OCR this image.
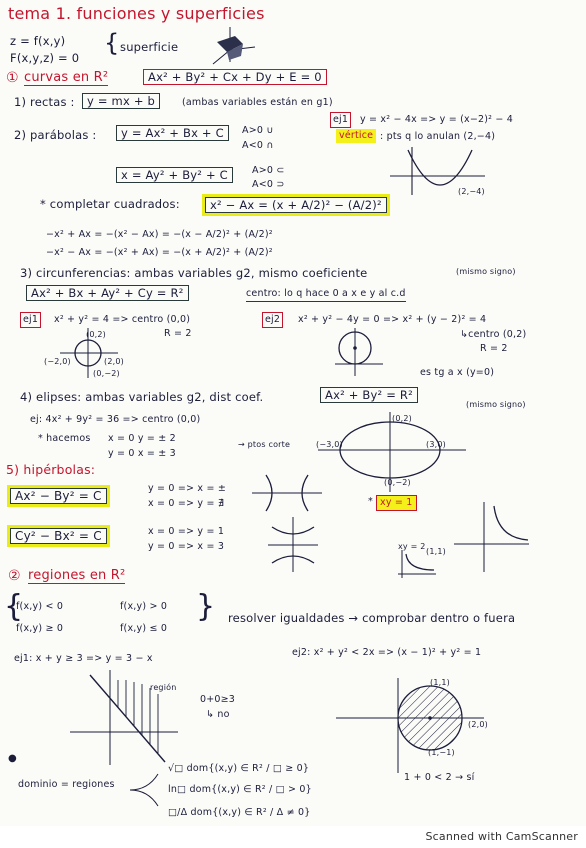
tema 1. funciones y superficies
z = f(x,y)
F(x,y,z) = 0
{ superficie
① curvas en R²	Ax² + By² + Cx + Dy + E = 0
1) rectas :	y = mx + b	(ambas variables están en g1)
ej1	y = x² − 4x => y = (x−2)² − 4
vértice : pts q lo anulan (2,−4)
2) parábolas :	y = Ax² + Bx + C	A>0 ∪
A<0 ∩
x = Ay² + By² + C	A>0 ⊂
A<0 ⊃
(2,−4)
* completar cuadrados:	x² − Ax = (x + A/2)² − (A/2)²
−x² + Ax = −(x² − Ax) = −(x − A/2)² + (A/2)²
−x² − Ax = −(x² + Ax) = −(x + A/2)² + (A/2)²
3) circunferencias: ambas variables g2, mismo coeficiente	(mismo signo)
Ax² + Bx + Ay² + Cy = R²	centro: lo q hace 0 a x e y al c.d
ej1	x² + y² = 4 => centro (0,0)
R = 2
ej2	x² + y² − 4y = 0 => x² + (y − 2)² = 4
↳centro (0,2)
R = 2
es tg a x (y=0)
(0,2)
(−2,0)	(2,0)
(0,−2)
4) elipses: ambas variables g2, dist coef.	Ax² + By² = R²
(mismo signo)
ej: 4x² + 9y² = 36 => centro (0,0)
* hacemos x = 0 y = ± 2
y = 0 x = ± 3
→ ptos corte
(0,2)
(−3,0)	(3,0)
(0,−2)
5) hipérbolas:
Ax² − By² = C
y = 0 => x = ±
x = 0 => y = ∄	* xy = 1
Cy² − Bx² = C	x = 0 => y = 1
y = 0 => x = 3	xy = 2
(1,1)
② regiones en R²
{
f(x,y) < 0	f(x,y) > 0
f(x,y) ≥ 0	f(x,y) ≤ 0
} resolver igualdades → comprobar dentro o fuera
ej1: x + y ≥ 3 => y = 3 − x
ej2: x² + y² < 2x => (x − 1)² + y² = 1
región
0+0≥3
↳ no
(1,1)
(2,0)
(1,−1)
1 + 0 < 2 → sí
●
dominio = regiones
√□ dom{(x,y) ∈ R² / □ ≥ 0}
ln□ dom{(x,y) ∈ R² / □ > 0}
□/Δ dom{(x,y) ∈ R² / Δ ≠ 0}
Scanned with CamScanner
